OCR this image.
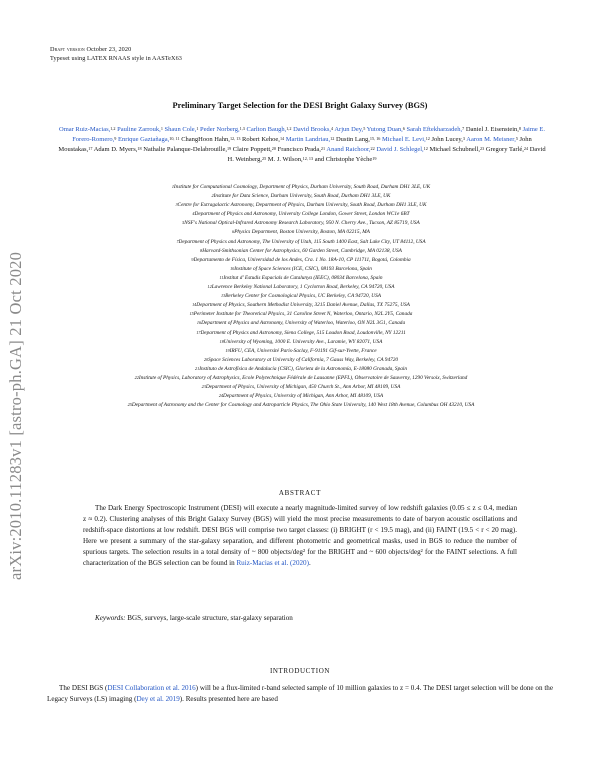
Draft version October 23, 2020
Typeset using LATEX RNAAS style in AASTeX63
arXiv:2010.11283v1 [astro-ph.GA] 21 Oct 2020
Preliminary Target Selection for the DESI Bright Galaxy Survey (BGS)
Omar Ruiz-Macias,$^{1,2}$ Pauline Zarrouk,$^1$ Shaun Cole,$^1$ Peder Norberg,$^{1,3}$ Carlton Baugh,$^{1,2}$ David Brooks,$^4$ Arjun Dey,$^5$ Yutong Duan,$^6$ Sarah Eftekharzadeh,$^7$ Daniel J. Eisenstein,$^8$ Jaime E. Forero-Romero,$^9$ Enrique Gaztañaga,$^{10, 11}$ ChangHoon Hahn,$^{12, 13}$ Robert Kehoe,$^{14}$ Martin Landriau,$^{12}$ Dustin Lang,$^{15, 16}$ Michael E. Levi,$^{12}$ John Lucey,$^3$ Aaron M. Meisner,$^5$ John Moustakas,$^{17}$ Adam D. Myers,$^{18}$ Nathalie Palanque-Delabrouille,$^{19}$ Claire Poppett,$^{20}$ Francisco Prada,$^{21}$ Anand Raichoor,$^{22}$ David J. Schlegel,$^{12}$ Michael Schubnell,$^{23}$ Gregory Tarlé,$^{24}$ David H. Weinberg,$^{25}$ M. J. Wilson,$^{12, 13}$ and Christophe Yèche$^{19}$
$^1$Institute for Computational Cosmology, Department of Physics, Durham University, South Road, Durham DH1 3LE, UK
$^2$Institute for Data Science, Durham University, South Road, Durham DH1 3LE, UK
$^3$Centre for Extragalactic Astronomy, Department of Physics, Durham University, South Road, Durham DH1 3LE, UK
$^4$Department of Physics and Astronomy, University College London, Gower Street, London WC1e 6BT
$^5$NSF's National Optical-Infrared Astronomy Research Laboratory, 950 N. Cherry Ave., Tucson, AZ 85719, USA
$^6$Physics Department, Boston University, Boston, MA 02215, MA
$^7$Department of Physics and Astronomy, The University of Utah, 115 South 1400 East, Salt Lake City, UT 84112, USA
$^8$Harvard-Smithsonian Center for Astrophysics, 60 Garden Street, Cambridge, MA 02138, USA
$^9$Departamento de Física, Universidad de los Andes, Cra. 1 No. 18A-10, CP 111711, Bogotá, Colombia
$^{10}$Institute of Space Sciences (ICE, CSIC), 08193 Barcelona, Spain
$^{11}$Institut d' Estudis Espacials de Catalunya (IEEC), 08034 Barcelona, Spain
$^{12}$Lawrence Berkeley National Laboratory, 1 Cyclotron Road, Berkeley, CA 94720, USA
$^{13}$Berkeley Center for Cosmological Physics, UC Berkeley, CA 94720, USA
$^{14}$Department of Physics, Southern Methodist University, 3215 Daniel Avenue, Dallas, TX 75275, USA
$^{15}$Perimeter Institute for Theoretical Physics, 31 Caroline Street N, Waterloo, Ontario, N2L 2Y5, Canada
$^{16}$Department of Physics and Astronomy, University of Waterloo, Waterloo, ON N2L 3G1, Canada
$^{17}$Department of Physics and Astronomy, Siena College, 515 Loudon Road, Loudonville, NY 12211
$^{18}$University of Wyoming, 1000 E. University Ave., Laramie, WY 82071, USA
$^{19}$IRFU, CEA, Université Paris-Saclay, F-91191 Gif-sur-Yvette, France
$^{20}$Space Sciences Laboratory at University of California, 7 Gauss Way, Berkeley, CA 94720
$^{21}$Instituto de Astrofísica de Andalucía (CSIC), Glorieta de la Astronomía, E-18080 Granada, Spain
$^{22}$Institute of Physics, Laboratory of Astrophysics, Ecole Polytechnique Fédérale de Lausanne (EPFL), Observatoire de Sauverny, 1290 Versoix, Switzerland
$^{23}$Department of Physics, University of Michigan, 450 Church St., Ann Arbor, MI 48109, USA
$^{24}$Department of Physics, University of Michigan, Ann Arbor, MI 48109, USA
$^{25}$Department of Astronomy and the Center for Cosmology and Astroparticle Physics, The Ohio State University, 140 West 18th Avenue, Columbus OH 43210, USA
ABSTRACT
The Dark Energy Spectroscopic Instrument (DESI) will execute a nearly magnitude-limited survey of low redshift galaxies (0.05 ≤ z ≤ 0.4, median z ≈ 0.2). Clustering analyses of this Bright Galaxy Survey (BGS) will yield the most precise measurements to date of baryon acoustic oscillations and redshift-space distortions at low redshift. DESI BGS will comprise two target classes: (i) BRIGHT (r < 19.5 mag), and (ii) FAINT (19.5 < r < 20 mag). Here we present a summary of the star-galaxy separation, and different photometric and geometrical masks, used in BGS to reduce the number of spurious targets. The selection results in a total density of ~ 800 objects/deg² for the BRIGHT and ~ 600 objects/deg² for the FAINT selections. A full characterization of the BGS selection can be found in Ruiz-Macias et al. (2020).
Keywords: BGS, surveys, large-scale structure, star-galaxy separation
INTRODUCTION
The DESI BGS (DESI Collaboration et al. 2016) will be a flux-limited r-band selected sample of 10 million galaxies to z = 0.4. The DESI target selection will be done on the Legacy Surveys (LS) imaging (Dey et al. 2019). Results presented here are based
